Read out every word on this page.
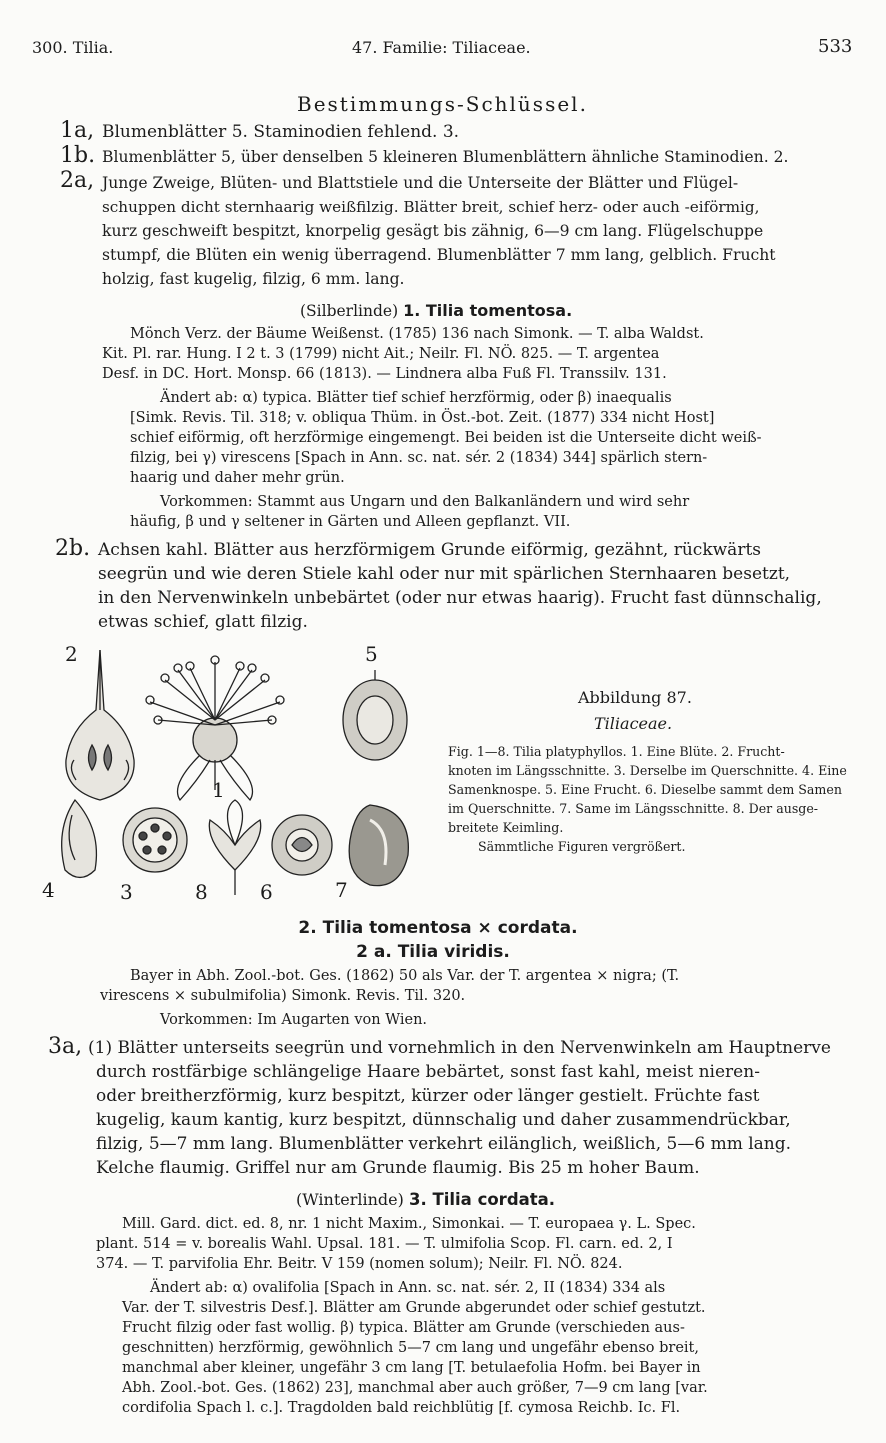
300. Tilia.	47. Familie: Tiliaceae.	533
Bestimmungs-Schlüssel.
1a, Blumenblätter 5. Staminodien fehlend. 3.
1b. Blumenblätter 5, über denselben 5 kleineren Blumenblättern ähnliche Staminodien. 2.
2a, Junge Zweige, Blüten- und Blattstiele und die Unterseite der Blätter und Flügel-
schuppen dicht sternhaarig weißfilzig. Blätter breit, schief herz- oder auch -eiförmig,
kurz geschweift bespitzt, knorpelig gesägt bis zähnig, 6—9 cm lang. Flügelschuppe
stumpf, die Blüten ein wenig überragend. Blumenblätter 7 mm lang, gelblich. Frucht
holzig, fast kugelig, filzig, 6 mm. lang.
(Silberlinde) 1. Tilia tomentosa.
Mönch Verz. der Bäume Weißenst. (1785) 136 nach Simonk. — T. alba Waldst.
Kit. Pl. rar. Hung. I 2 t. 3 (1799) nicht Ait.; Neilr. Fl. NÖ. 825. — T. argentea
Desf. in DC. Hort. Monsp. 66 (1813). — Lindnera alba Fuß Fl. Transsilv. 131.
Ändert ab: α) typica. Blätter tief schief herzförmig, oder β) inaequalis
[Simk. Revis. Til. 318; v. obliqua Thüm. in Öst.-bot. Zeit. (1877) 334 nicht Host]
schief eiförmig, oft herzförmige eingemengt. Bei beiden ist die Unterseite dicht weiß-
filzig, bei γ) virescens [Spach in Ann. sc. nat. sér. 2 (1834) 344] spärlich stern-
haarig und daher mehr grün.
Vorkommen: Stammt aus Ungarn und den Balkanländern und wird sehr
häufig, β und γ seltener in Gärten und Alleen gepflanzt. VII.
2b. Achsen kahl. Blätter aus herzförmigem Grunde eiförmig, gezähnt, rückwärts
seegrün und wie deren Stiele kahl oder nur mit spärlichen Sternhaaren besetzt,
in den Nervenwinkeln unbebärtet (oder nur etwas haarig). Frucht fast dünnschalig,
etwas schief, glatt filzig.
2	5
1
4	3	8	6	7
Abbildung 87.
Tiliaceae.
Fig. 1—8. Tilia platyphyllos. 1. Eine Blüte. 2. Frucht-
knoten im Längsschnitte. 3. Derselbe im Querschnitte. 4. Eine
Samenknospe. 5. Eine Frucht. 6. Dieselbe sammt dem Samen
im Querschnitte. 7. Same im Längsschnitte. 8. Der ausge-
breitete Keimling.
Sämmtliche Figuren vergrößert.
2. Tilia tomentosa × cordata.
2 a. Tilia viridis.
Bayer in Abh. Zool.-bot. Ges. (1862) 50 als Var. der T. argentea × nigra; (T.
virescens × subulmifolia) Simonk. Revis. Til. 320.
Vorkommen: Im Augarten von Wien.
3a, (1) Blätter unterseits seegrün und vornehmlich in den Nervenwinkeln am Hauptnerve
durch rostfärbige schlängelige Haare bebärtet, sonst fast kahl, meist nieren-
oder breitherzförmig, kurz bespitzt, kürzer oder länger gestielt. Früchte fast
kugelig, kaum kantig, kurz bespitzt, dünnschalig und daher zusammendrückbar,
filzig, 5—7 mm lang. Blumenblätter verkehrt eilänglich, weißlich, 5—6 mm lang.
Kelche flaumig. Griffel nur am Grunde flaumig. Bis 25 m hoher Baum.
(Winterlinde) 3. Tilia cordata.
Mill. Gard. dict. ed. 8, nr. 1 nicht Maxim., Simonkai. — T. europaea γ. L. Spec.
plant. 514 = v. borealis Wahl. Upsal. 181. — T. ulmifolia Scop. Fl. carn. ed. 2, I
374. — T. parvifolia Ehr. Beitr. V 159 (nomen solum); Neilr. Fl. NÖ. 824.
Ändert ab: α) ovalifolia [Spach in Ann. sc. nat. sér. 2, II (1834) 334 als
Var. der T. silvestris Desf.]. Blätter am Grunde abgerundet oder schief gestutzt.
Frucht filzig oder fast wollig. β) typica. Blätter am Grunde (verschieden aus-
geschnitten) herzförmig, gewöhnlich 5—7 cm lang und ungefähr ebenso breit,
manchmal aber kleiner, ungefähr 3 cm lang [T. betulaefolia Hofm. bei Bayer in
Abh. Zool.-bot. Ges. (1862) 23], manchmal aber auch größer, 7—9 cm lang [var.
cordifolia Spach l. c.]. Tragdolden bald reichblütig [f. cymosa Reichb. Ic. Fl.
